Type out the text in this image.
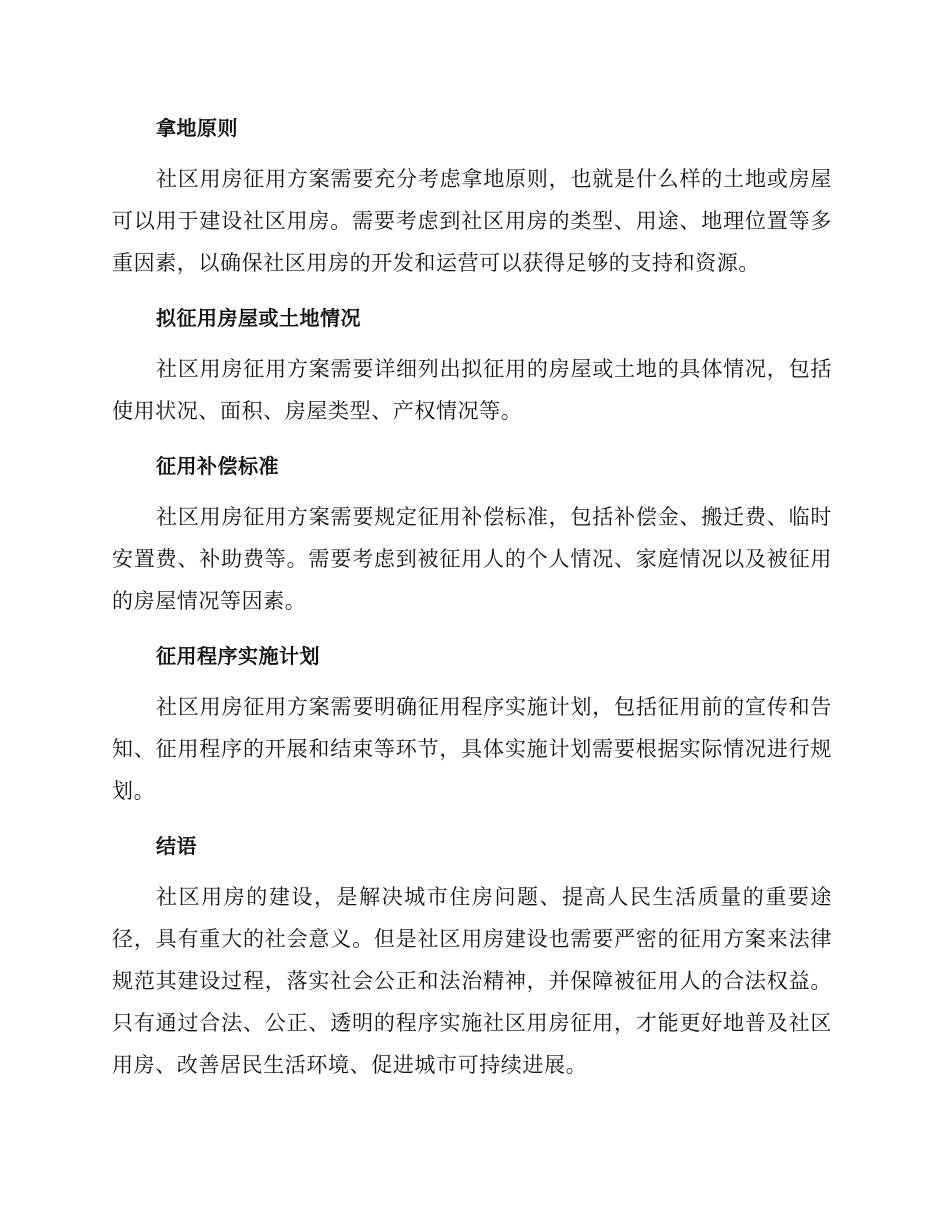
拿地原则

社区用房征用方案需要充分考虑拿地原则，也就是什么样的土地或房屋可以用于建设社区用房。需要考虑到社区用房的类型、用途、地理位置等多重因素，以确保社区用房的开发和运营可以获得足够的支持和资源。

拟征用房屋或土地情况

社区用房征用方案需要详细列出拟征用的房屋或土地的具体情况，包括使用状况、面积、房屋类型、产权情况等。

征用补偿标准

社区用房征用方案需要规定征用补偿标准，包括补偿金、搬迁费、临时安置费、补助费等。需要考虑到被征用人的个人情况、家庭情况以及被征用的房屋情况等因素。

征用程序实施计划

社区用房征用方案需要明确征用程序实施计划，包括征用前的宣传和告知、征用程序的开展和结束等环节，具体实施计划需要根据实际情况进行规划。

结语

社区用房的建设，是解决城市住房问题、提高人民生活质量的重要途径，具有重大的社会意义。但是社区用房建设也需要严密的征用方案来法律规范其建设过程，落实社会公正和法治精神，并保障被征用人的合法权益。只有通过合法、公正、透明的程序实施社区用房征用，才能更好地普及社区用房、改善居民生活环境、促进城市可持续进展。
